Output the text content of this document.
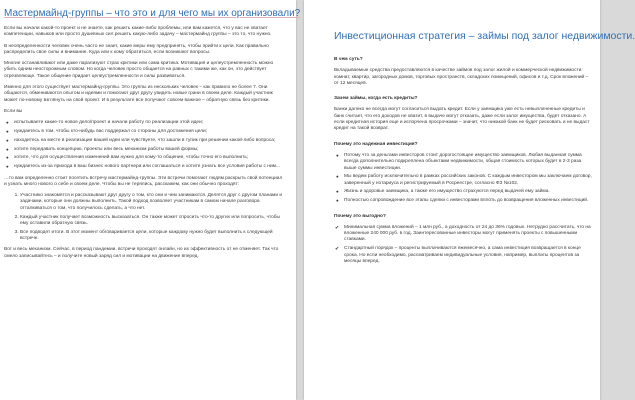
Мастермайнд-группы – что это и для чего мы их организовали?

Если вы начали какой-то проект и не знаете, как решить какие-либо проблемы, или вам кажется, что у вас не хватает компетенции, навыков или просто душевных сил решить какую-либо задачу – мастермайнд группы – это то, что нужно.

В неопределенности человек очень часто не знает, какие меры ему предпринять, чтобы прийти к цели. Как правильно распределить свое силы и внимание. Куда или к кому обратиться, если возникают вопросы.

Многие останавливают или даже парализуют страх критики или сама критика. Мотивация и целеустремленность можно убить одним неосторожным словом. Но когда человек просто общается на равных с такими же, как он, это действует отрезвляюще. Такое общение придает целеустремленности и силы развиваться.

Именно для этого существует мастермайнд-группы. Это группы из нескольких человек – как правило не более 7. Они общаются, обмениваются опытом и идеями и помогают друг другу увидеть новые грани в своем деле. Каждый участник может по-новому взглянуть на свой проект. И в результате все получают совсем важное – обратную связь без критики.

Если вы

● испытываете какие-то новое дело/проект и начали работу по реализации этой идеи;
● нуждаетесь в том, чтобы кто-нибудь вас поддержал со стороны для достижения цели;
● находитесь на месте в реализации вашей идеи или чувствуете, что зашли в тупик при решении какой-либо вопроса;
● хотите передавать концепцию, проекты или весь механизм работы вашей формы;
● хотите, что для осуществления изменений вам нужно для кому-то общение, чтобы точно его выполнить;
● нуждаетесь из-за прихода в ваш бизнес нового партнера или соглашаться и хотите узнать все условия работы с ним...

…то вам определенно стоит посетить встречу мастермайнд-группы. Эти встречи помогают людям раскрыть свой потенциал и узнать много нового о себе и своем деле. Чтобы вы не терялись, расскажем, как они обычно проходят:

1. Участнико знакомятся и рассказывают друг другу о том, кто они и чем занимаются. Делятся друг с другом планами и задачами, которые они должны выполнить. Такой подход позволяет участникам в самом начале разговора отталкиваться о том, что получилось сделать, а что нет.
2. Каждый участник получает возможность высказаться. Он также может спросить что-то других или попросить, чтобы ему оставили обратную связь.
3. Все подводят итоги. В этот момент обговаривается цели, которые каждому нужно будет выполнить к следующей встрече.

Вот и весь механизм. Сейчас, в период пандемии, встречи проходят онлайн, но их эффективность от не отменяет. Так что смело записывайтесь – и получите новый заряд сил и мотивации на движение вперед.

Инвестиционная стратегия – займы под залог недвижимости.
В чем суть?

Вкладываемые средства предоставляются в качестве займов под залог жилой и коммерческой недвижимости: комнат, квартир, загородных домов, торговых пространств, складских помещений, офисов и т.д. Срок вложений – от 12 месяцев.

Зачем займы, когда есть кредиты?

Банки далеко не всегда могут согласиться выдать кредит. Если у заемщика уже есть невыплаченные кредиты и банк считает, что его доходов не хватит, в выдаче могут отказать, даже если залог имущества, будет отказано. А если кредитная история еще и испорчена просрочками – значит, что никакой банк не будет рисковать и не выдаст кредит на такой возврат.

Почему это надежная инвестиция?
● Потому что за деньгами инвесторов стоит дорогостоящее имущество заемщиков. Любая выданная сумма всегда дополнительно подкреплена объектами недвижимости, общая стоимость которых будет в 2-3 раза выше суммы инвестиции.
● Мы ведем работу исключительно в рамках российских законов. С каждым инвестором мы заключаем договор, заверенный у нотариуса и регистрируемый в Росреестре, согласно ФЗ №102.
● Жизнь и здоровье заемщика, а также его имущество страхуются перед выдачей ему займа.
● Полностью сопровождение все этапы сделки с инвесторами вплоть до возвращения вложенных инвестиций.
Почему это выгодно?
✔ Минимальная сумма вложений – 1 млн руб., а доходность от 24 до 36% годовых. Нетрудно рассчитать, что на вложенные 240 000 руб. в год. Заинтересованные инвесторы могут применять проекты с повышенными ставками.
✔ Стандартный порядок – проценты выплачиваются ежемесячно, а сама инвестиция возвращается в конце срока. Но если необходимо, рассматриваем индивидуальные условия, например, выплаты процентов за месяцы вперед.
